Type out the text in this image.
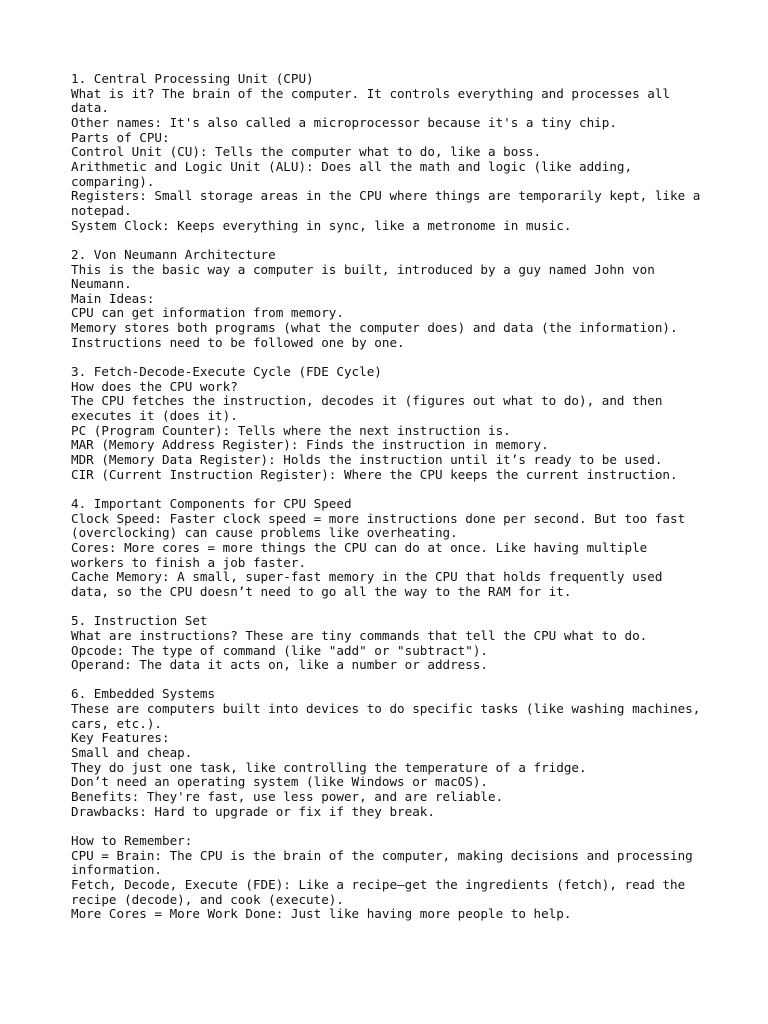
1. Central Processing Unit (CPU)
What is it? The brain of the computer. It controls everything and processes all
data.
Other names: It's also called a microprocessor because it's a tiny chip.
Parts of CPU:
Control Unit (CU): Tells the computer what to do, like a boss.
Arithmetic and Logic Unit (ALU): Does all the math and logic (like adding,
comparing).
Registers: Small storage areas in the CPU where things are temporarily kept, like a
notepad.
System Clock: Keeps everything in sync, like a metronome in music.
2. Von Neumann Architecture
This is the basic way a computer is built, introduced by a guy named John von
Neumann.
Main Ideas:
CPU can get information from memory.
Memory stores both programs (what the computer does) and data (the information).
Instructions need to be followed one by one.
3. Fetch-Decode-Execute Cycle (FDE Cycle)
How does the CPU work?
The CPU fetches the instruction, decodes it (figures out what to do), and then
executes it (does it).
PC (Program Counter): Tells where the next instruction is.
MAR (Memory Address Register): Finds the instruction in memory.
MDR (Memory Data Register): Holds the instruction until it’s ready to be used.
CIR (Current Instruction Register): Where the CPU keeps the current instruction.
4. Important Components for CPU Speed
Clock Speed: Faster clock speed = more instructions done per second. But too fast
(overclocking) can cause problems like overheating.
Cores: More cores = more things the CPU can do at once. Like having multiple
workers to finish a job faster.
Cache Memory: A small, super-fast memory in the CPU that holds frequently used
data, so the CPU doesn’t need to go all the way to the RAM for it.
5. Instruction Set
What are instructions? These are tiny commands that tell the CPU what to do.
Opcode: The type of command (like "add" or "subtract").
Operand: The data it acts on, like a number or address.
6. Embedded Systems
These are computers built into devices to do specific tasks (like washing machines,
cars, etc.).
Key Features:
Small and cheap.
They do just one task, like controlling the temperature of a fridge.
Don’t need an operating system (like Windows or macOS).
Benefits: They're fast, use less power, and are reliable.
Drawbacks: Hard to upgrade or fix if they break.
How to Remember:
CPU = Brain: The CPU is the brain of the computer, making decisions and processing
information.
Fetch, Decode, Execute (FDE): Like a recipe—get the ingredients (fetch), read the
recipe (decode), and cook (execute).
More Cores = More Work Done: Just like having more people to help.
